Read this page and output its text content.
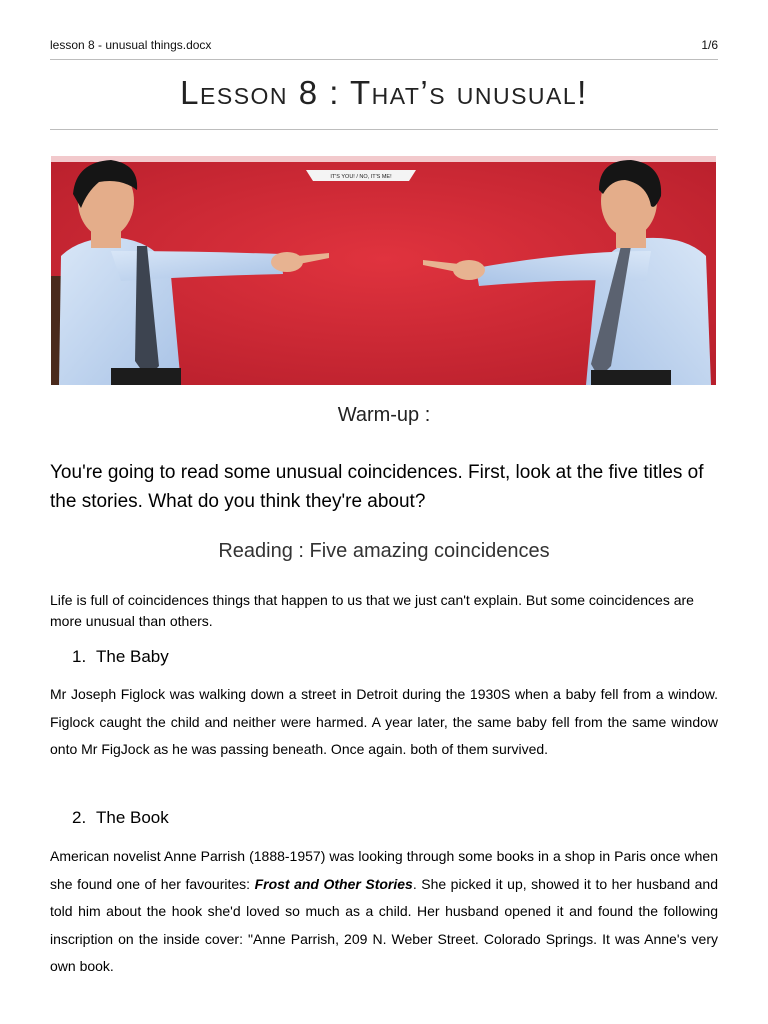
lesson 8 - unusual things.docx	1/6
Lesson 8 : That’s unusual!
IT'S YOU! / NO, IT'S ME!
Warm-up :
You're going to read some unusual coincidences. First, look at the five titles of the stories. What do you think they're about?
Reading : Five amazing coincidences
Life is full of coincidences things that happen to us that we just can't explain. But some coincidences are more unusual than others.
1. The Baby
Mr Joseph Figlock was walking down a street in Detroit during the 1930S when a baby fell from a window. Figlock caught the child and neither were harmed. A year later, the same baby fell from the same window onto Mr FigJock as he was passing beneath. Once again. both of them survived.
2. The Book
American novelist Anne Parrish (1888-1957) was looking through some books in a shop in Paris once when she found one of her favourites: Frost and Other Stories. She picked it up, showed it to her husband and told him about the hook she'd loved so much as a child. Her husband opened it and found the following inscription on the inside cover: "Anne Parrish, 209 N. Weber Street. Colorado Springs. It was Anne's very own book.
